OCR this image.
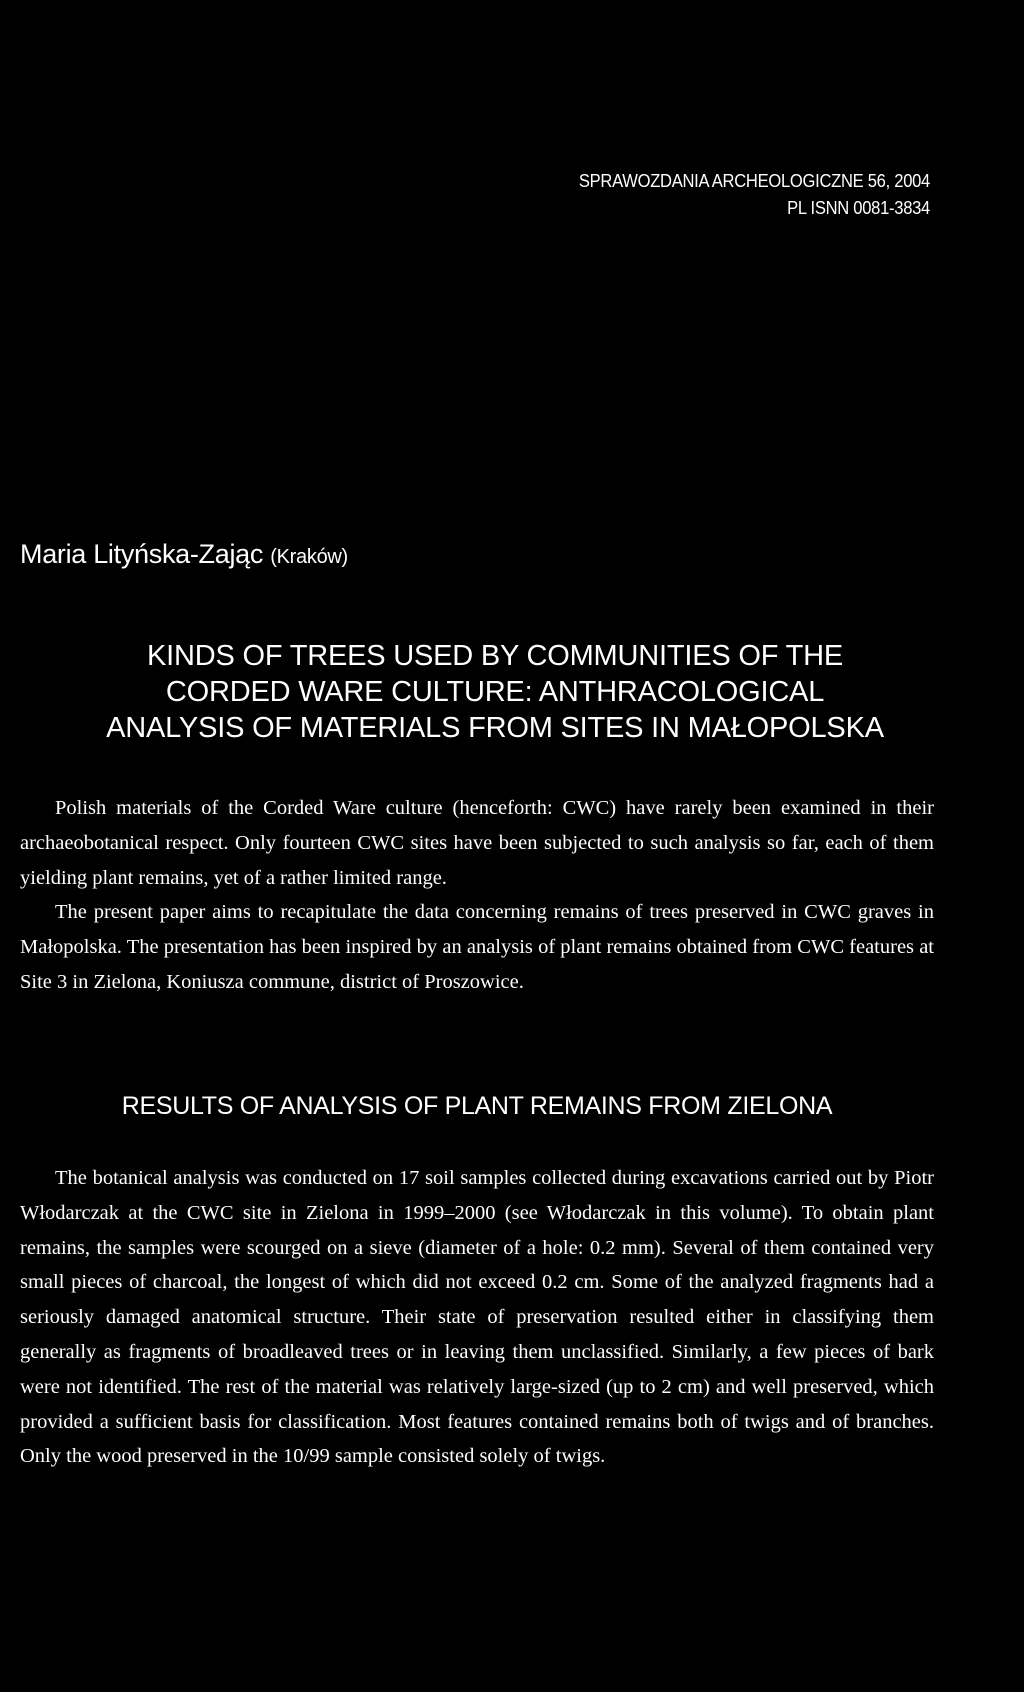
SPRAWOZDANIA ARCHEOLOGICZNE 56, 2004
PL ISNN 0081-3834
Maria Lityńska-Zając (Kraków)
KINDS OF TREES USED BY COMMUNITIES OF THE
CORDED WARE CULTURE: ANTHRACOLOGICAL
ANALYSIS OF MATERIALS FROM SITES IN MAŁOPOLSKA

Polish materials of the Corded Ware culture (henceforth: CWC) have rarely been examined in their archaeobotanical respect. Only fourteen CWC sites have been subjected to such analysis so far, each of them yielding plant remains, yet of a rather limited range.

The present paper aims to recapitulate the data concerning remains of trees preserved in CWC graves in Małopolska. The presentation has been inspired by an analysis of plant remains obtained from CWC features at Site 3 in Zielona, Koniusza commune, district of Proszowice.

RESULTS OF ANALYSIS OF PLANT REMAINS FROM ZIELONA

The botanical analysis was conducted on 17 soil samples collected during excavations carried out by Piotr Włodarczak at the CWC site in Zielona in 1999–2000 (see Włodarczak in this volume). To obtain plant remains, the samples were scourged on a sieve (diameter of a hole: 0.2 mm). Several of them contained very small pieces of charcoal, the longest of which did not exceed 0.2 cm. Some of the analyzed fragments had a seriously damaged anatomical structure. Their state of preservation resulted either in classifying them generally as fragments of broadleaved trees or in leaving them unclassified. Similarly, a few pieces of bark were not identified. The rest of the material was relatively large-sized (up to 2 cm) and well preserved, which provided a sufficient basis for classification. Most features contained remains both of twigs and of branches. Only the wood preserved in the 10/99 sample consisted solely of twigs.
